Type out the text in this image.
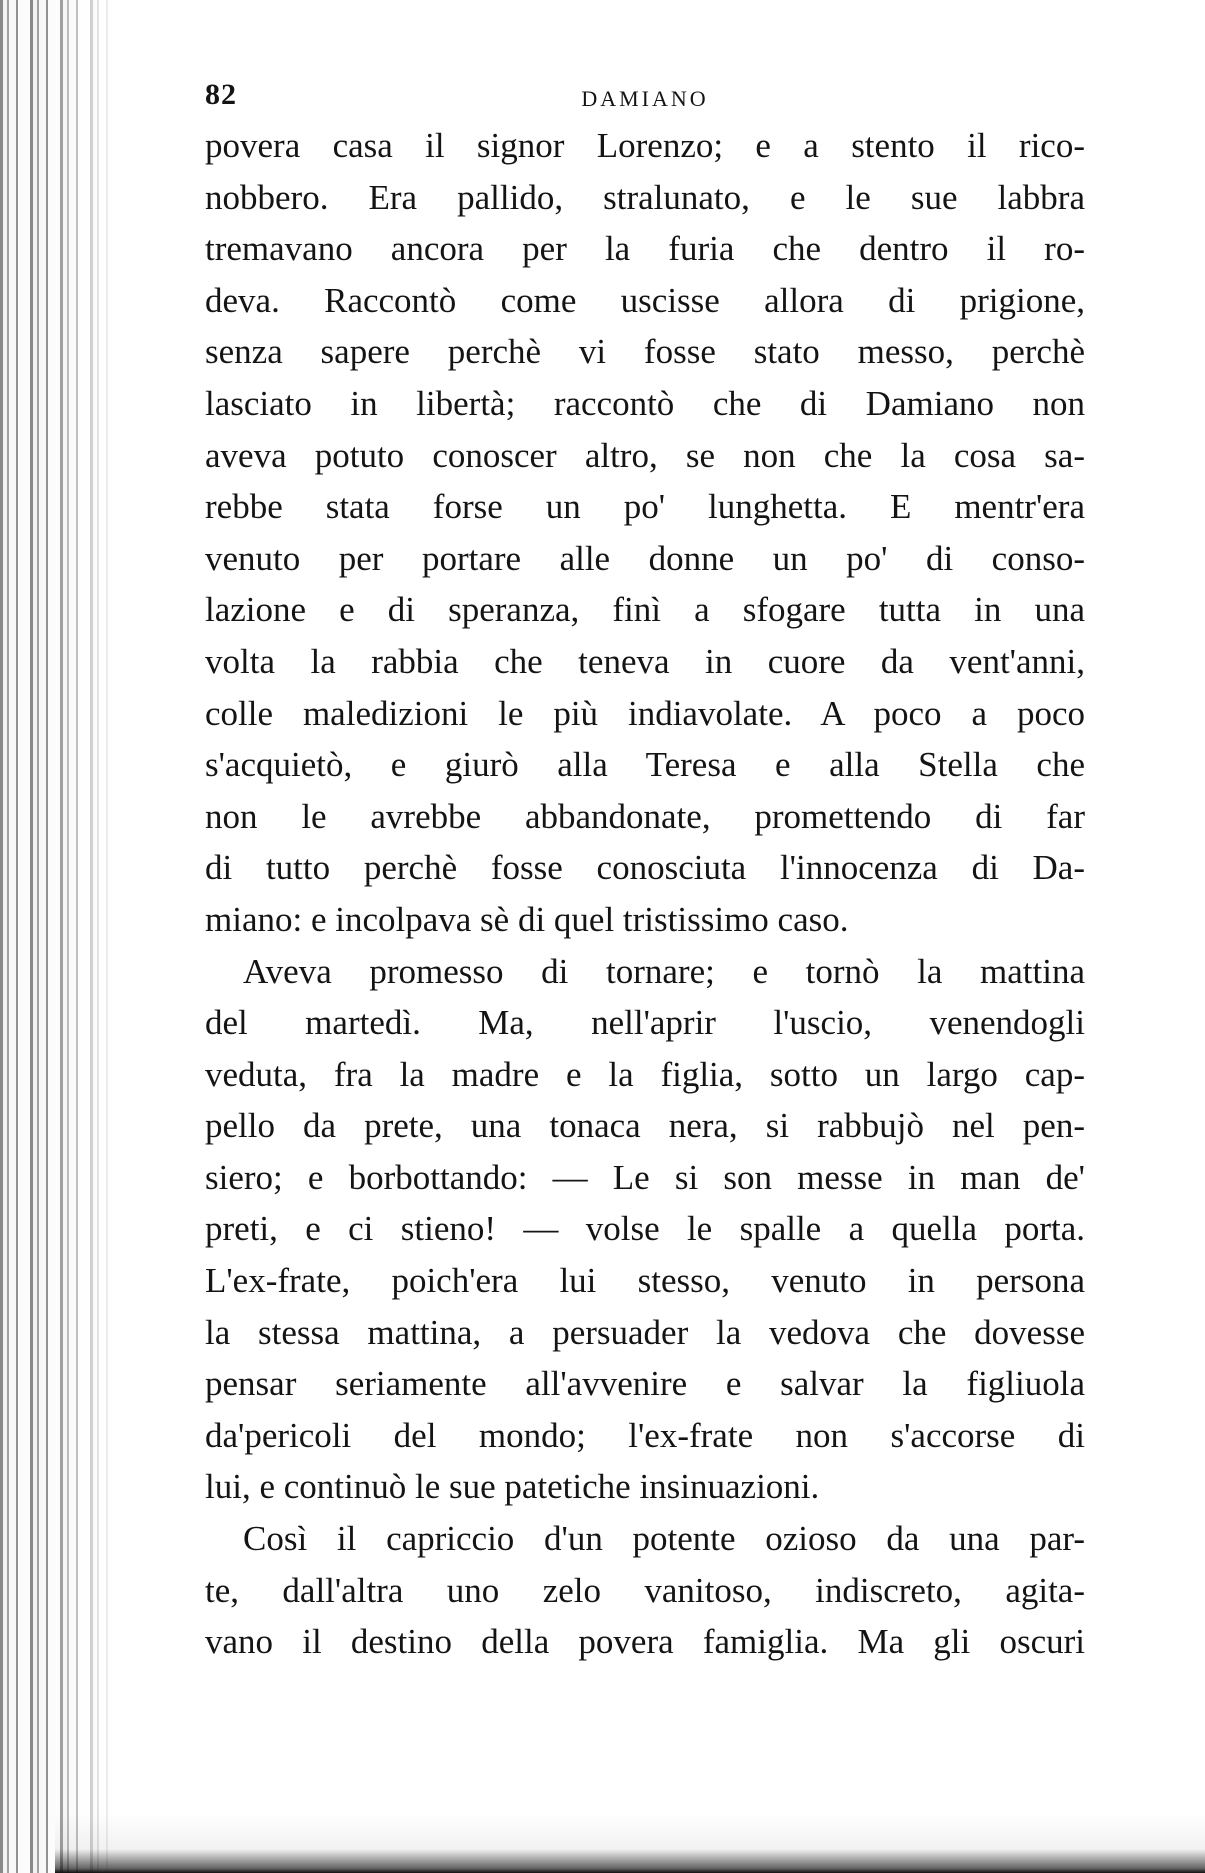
82	DAMIANO
povera casa il signor Lorenzo; e a stento il rico-
nobbero. Era pallido, stralunato, e le sue labbra
tremavano ancora per la furia che dentro il ro-
deva. Raccontò come uscisse allora di prigione,
senza sapere perchè vi fosse stato messo, perchè
lasciato in libertà; raccontò che di Damiano non
aveva potuto conoscer altro, se non che la cosa sa-
rebbe stata forse un po' lunghetta. E mentr'era
venuto per portare alle donne un po' di conso-
lazione e di speranza, finì a sfogare tutta in una
volta la rabbia che teneva in cuore da vent'anni,
colle maledizioni le più indiavolate. A poco a poco
s'acquietò, e giurò alla Teresa e alla Stella che
non le avrebbe abbandonate, promettendo di far
di tutto perchè fosse conosciuta l'innocenza di Da-
miano: e incolpava sè di quel tristissimo caso.
Aveva promesso di tornare; e tornò la mattina
del martedì. Ma, nell'aprir l'uscio, venendogli
veduta, fra la madre e la figlia, sotto un largo cap-
pello da prete, una tonaca nera, si rabbujò nel pen-
siero; e borbottando: — Le si son messe in man de'
preti, e ci stieno! — volse le spalle a quella porta.
L'ex-frate, poich'era lui stesso, venuto in persona
la stessa mattina, a persuader la vedova che dovesse
pensar seriamente all'avvenire e salvar la figliuola
da'pericoli del mondo; l'ex-frate non s'accorse di
lui, e continuò le sue patetiche insinuazioni.
Così il capriccio d'un potente ozioso da una par-
te, dall'altra uno zelo vanitoso, indiscreto, agita-
vano il destino della povera famiglia. Ma gli oscuri
